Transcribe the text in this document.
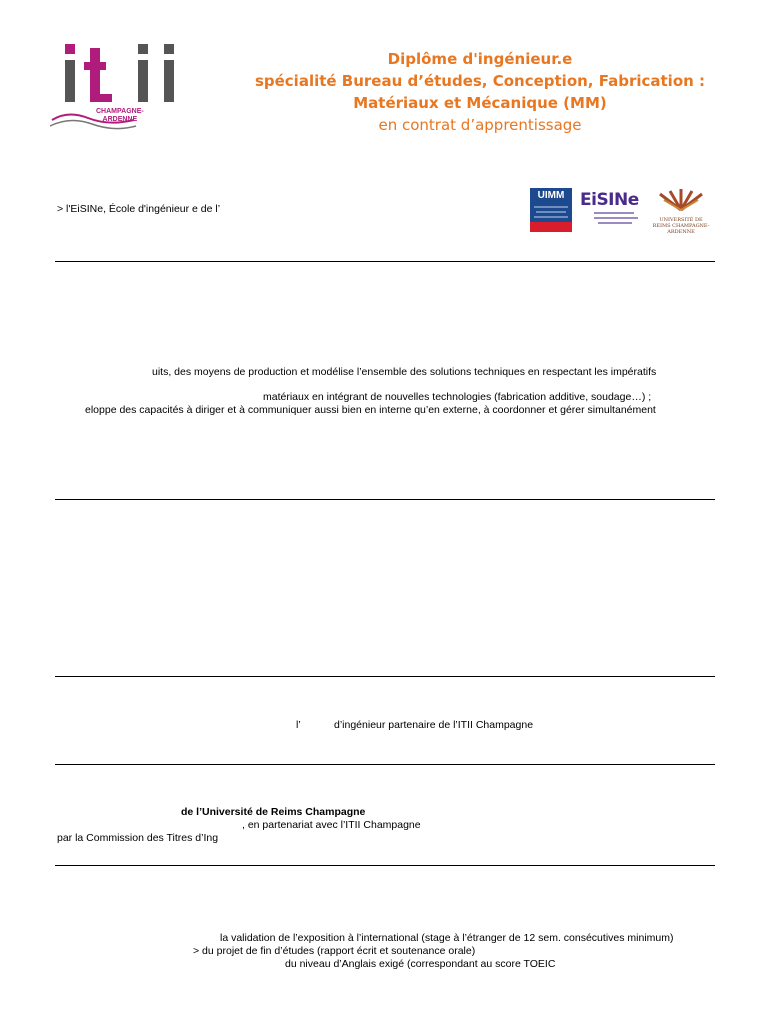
CHAMPAGNE-
ARDENNE
Diplôme d'ingénieur.e
spécialité Bureau d’études, Conception, Fabrication :
Matériaux et Mécanique (MM)
en contrat d’apprentissage
> l'EiSINe, École d'ingénieur e de l’
UIMM EiSINe
UNIVERSITÉ DE REIMS CHAMPAGNE-ARDENNE
uits, des moyens de production et modélise l’ensemble des solutions techniques en respectant les impératifs
matériaux en intégrant de nouvelles technologies (fabrication additive, soudage…) ;
eloppe des capacités à diriger et à communiquer aussi bien en interne qu’en externe, à coordonner et gérer simultanément
l’	d’ingénieur partenaire de l’ITII Champagne
de l’Université de Reims Champagne
, en partenariat avec l’ITII Champagne
par la Commission des Titres d’Ing
la validation de l’exposition à l’international (stage à l’étranger de 12 sem. consécutives minimum)
> du projet de fin d’études (rapport écrit et soutenance orale)
du niveau d’Anglais exigé (correspondant au score TOEIC
